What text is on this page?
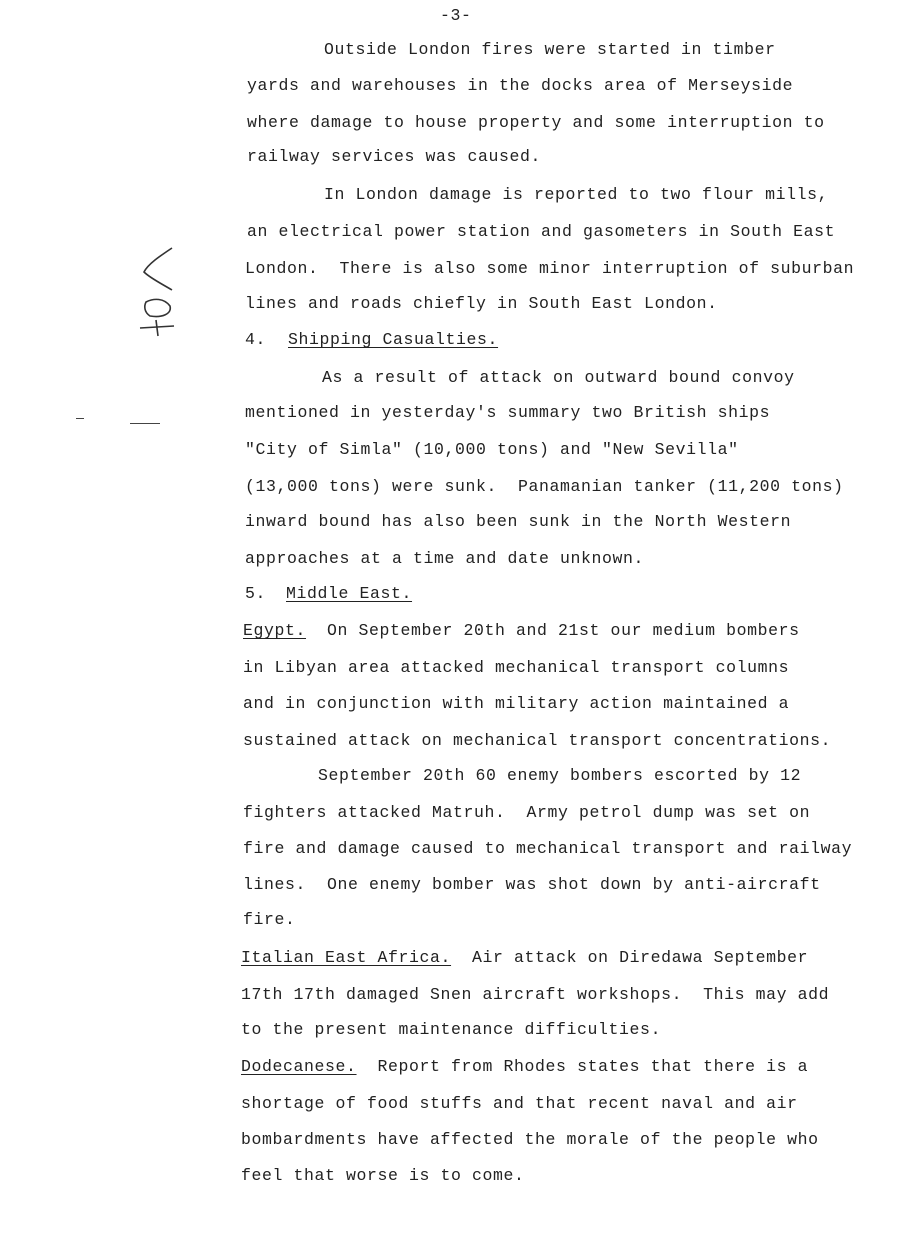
-3-
Outside London fires were started in timber
yards and warehouses in the docks area of Merseyside
where damage to house property and some interruption to
railway services was caused.
In London damage is reported to two flour mills,
an electrical power station and gasometers in South East
London.  There is also some minor interruption of suburban
lines and roads chiefly in South East London.
4. Shipping Casualties.
As a result of attack on outward bound convoy
mentioned in yesterday's summary two British ships
"City of Simla" (10,000 tons) and "New Sevilla"
(13,000 tons) were sunk.  Panamanian tanker (11,200 tons)
inward bound has also been sunk in the North Western
approaches at a time and date unknown.
5. Middle East.
Egypt.  On September 20th and 21st our medium bombers
in Libyan area attacked mechanical transport columns
and in conjunction with military action maintained a
sustained attack on mechanical transport concentrations.
September 20th 60 enemy bombers escorted by 12
fighters attacked Matruh.  Army petrol dump was set on
fire and damage caused to mechanical transport and railway
lines.  One enemy bomber was shot down by anti-aircraft
fire.
Italian East Africa.  Air attack on Diredawa September
17th 17th damaged Snen aircraft workshops.  This may add
to the present maintenance difficulties.
Dodecanese.  Report from Rhodes states that there is a
shortage of food stuffs and that recent naval and air
bombardments have affected the morale of the people who
feel that worse is to come.
